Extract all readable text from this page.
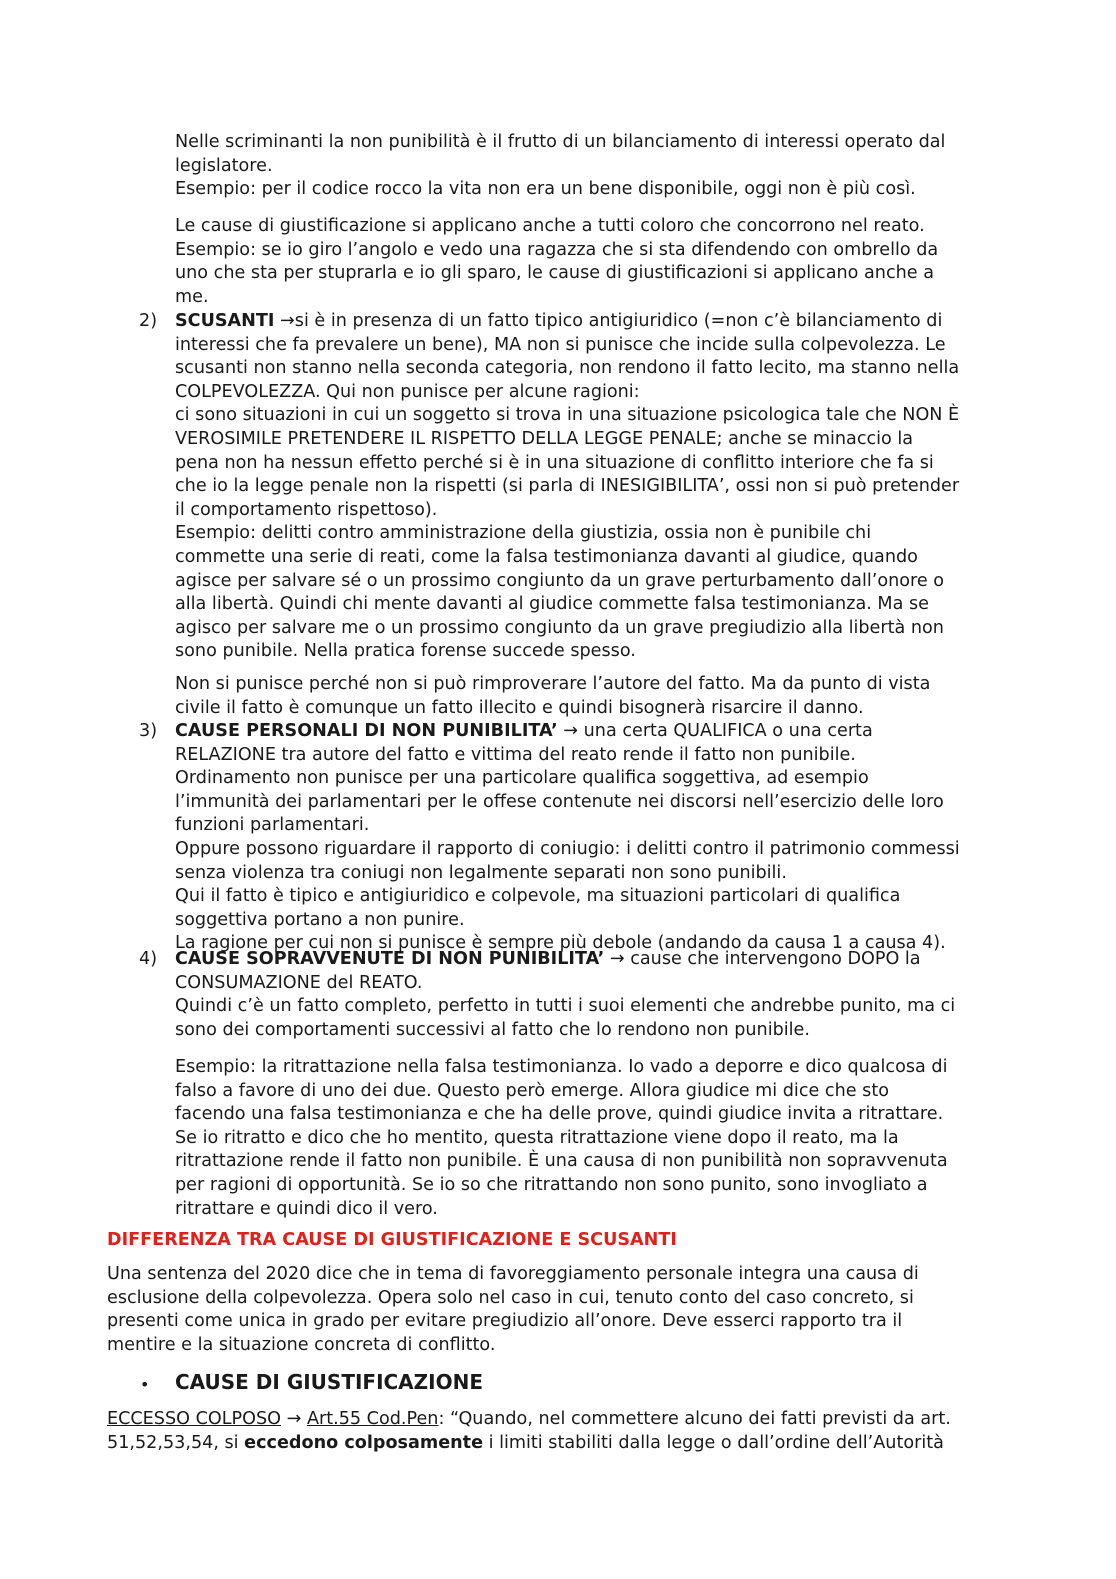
Nelle scriminanti la non punibilità è il frutto di un bilanciamento di interessi operato dal
legislatore.
Esempio: per il codice rocco la vita non era un bene disponibile, oggi non è più così.
Le cause di giustificazione si applicano anche a tutti coloro che concorrono nel reato.
Esempio: se io giro l’angolo e vedo una ragazza che si sta difendendo con ombrello da
uno che sta per stuprarla e io gli sparo, le cause di giustificazioni si applicano anche a
me.

2)	SCUSANTI →si è in presenza di un fatto tipico antigiuridico (=non c’è bilanciamento di
interessi che fa prevalere un bene), MA non si punisce che incide sulla colpevolezza. Le
scusanti non stanno nella seconda categoria, non rendono il fatto lecito, ma stanno nella
COLPEVOLEZZA. Qui non punisce per alcune ragioni:
ci sono situazioni in cui un soggetto si trova in una situazione psicologica tale che NON È
VEROSIMILE PRETENDERE IL RISPETTO DELLA LEGGE PENALE; anche se minaccio la
pena non ha nessun effetto perché si è in una situazione di conflitto interiore che fa si
che io la legge penale non la rispetti (si parla di INESIGIBILITA’, ossi non si può pretender
il comportamento rispettoso).
Esempio: delitti contro amministrazione della giustizia, ossia non è punibile chi
commette una serie di reati, come la falsa testimonianza davanti al giudice, quando
agisce per salvare sé o un prossimo congiunto da un grave perturbamento dall’onore o
alla libertà. Quindi chi mente davanti al giudice commette falsa testimonianza. Ma se
agisco per salvare me o un prossimo congiunto da un grave pregiudizio alla libertà non
sono punibile. Nella pratica forense succede spesso.
Non si punisce perché non si può rimproverare l’autore del fatto. Ma da punto di vista
civile il fatto è comunque un fatto illecito e quindi bisognerà risarcire il danno.

3)	CAUSE PERSONALI DI NON PUNIBILITA’ → una certa QUALIFICA o una certa
RELAZIONE tra autore del fatto e vittima del reato rende il fatto non punibile.
Ordinamento non punisce per una particolare qualifica soggettiva, ad esempio
l’immunità dei parlamentari per le offese contenute nei discorsi nell’esercizio delle loro
funzioni parlamentari.
Oppure possono riguardare il rapporto di coniugio: i delitti contro il patrimonio commessi
senza violenza tra coniugi non legalmente separati non sono punibili.
Qui il fatto è tipico e antigiuridico e colpevole, ma situazioni particolari di qualifica
soggettiva portano a non punire.
La ragione per cui non si punisce è sempre più debole (andando da causa 1 a causa 4).

4)	CAUSE SOPRAVVENUTE DI NON PUNIBILITA’ → cause che intervengono DOPO la
CONSUMAZIONE del REATO.
Quindi c’è un fatto completo, perfetto in tutti i suoi elementi che andrebbe punito, ma ci
sono dei comportamenti successivi al fatto che lo rendono non punibile.
Esempio: la ritrattazione nella falsa testimonianza. Io vado a deporre e dico qualcosa di
falso a favore di uno dei due. Questo però emerge. Allora giudice mi dice che sto
facendo una falsa testimonianza e che ha delle prove, quindi giudice invita a ritrattare.
Se io ritratto e dico che ho mentito, questa ritrattazione viene dopo il reato, ma la
ritrattazione rende il fatto non punibile. È una causa di non punibilità non sopravvenuta
per ragioni di opportunità. Se io so che ritrattando non sono punito, sono invogliato a
ritrattare e quindi dico il vero.
DIFFERENZA TRA CAUSE DI GIUSTIFICAZIONE E SCUSANTI
Una sentenza del 2020 dice che in tema di favoreggiamento personale integra una causa di
esclusione della colpevolezza. Opera solo nel caso in cui, tenuto conto del caso concreto, si
presenti come unica in grado per evitare pregiudizio all’onore. Deve esserci rapporto tra il
mentire e la situazione concreta di conflitto.

• CAUSE DI GIUSTIFICAZIONE
ECCESSO COLPOSO → Art.55 Cod.Pen: “Quando, nel commettere alcuno dei fatti previsti da art.
51,52,53,54, si eccedono colposamente i limiti stabiliti dalla legge o dall’ordine dell’Autorità
